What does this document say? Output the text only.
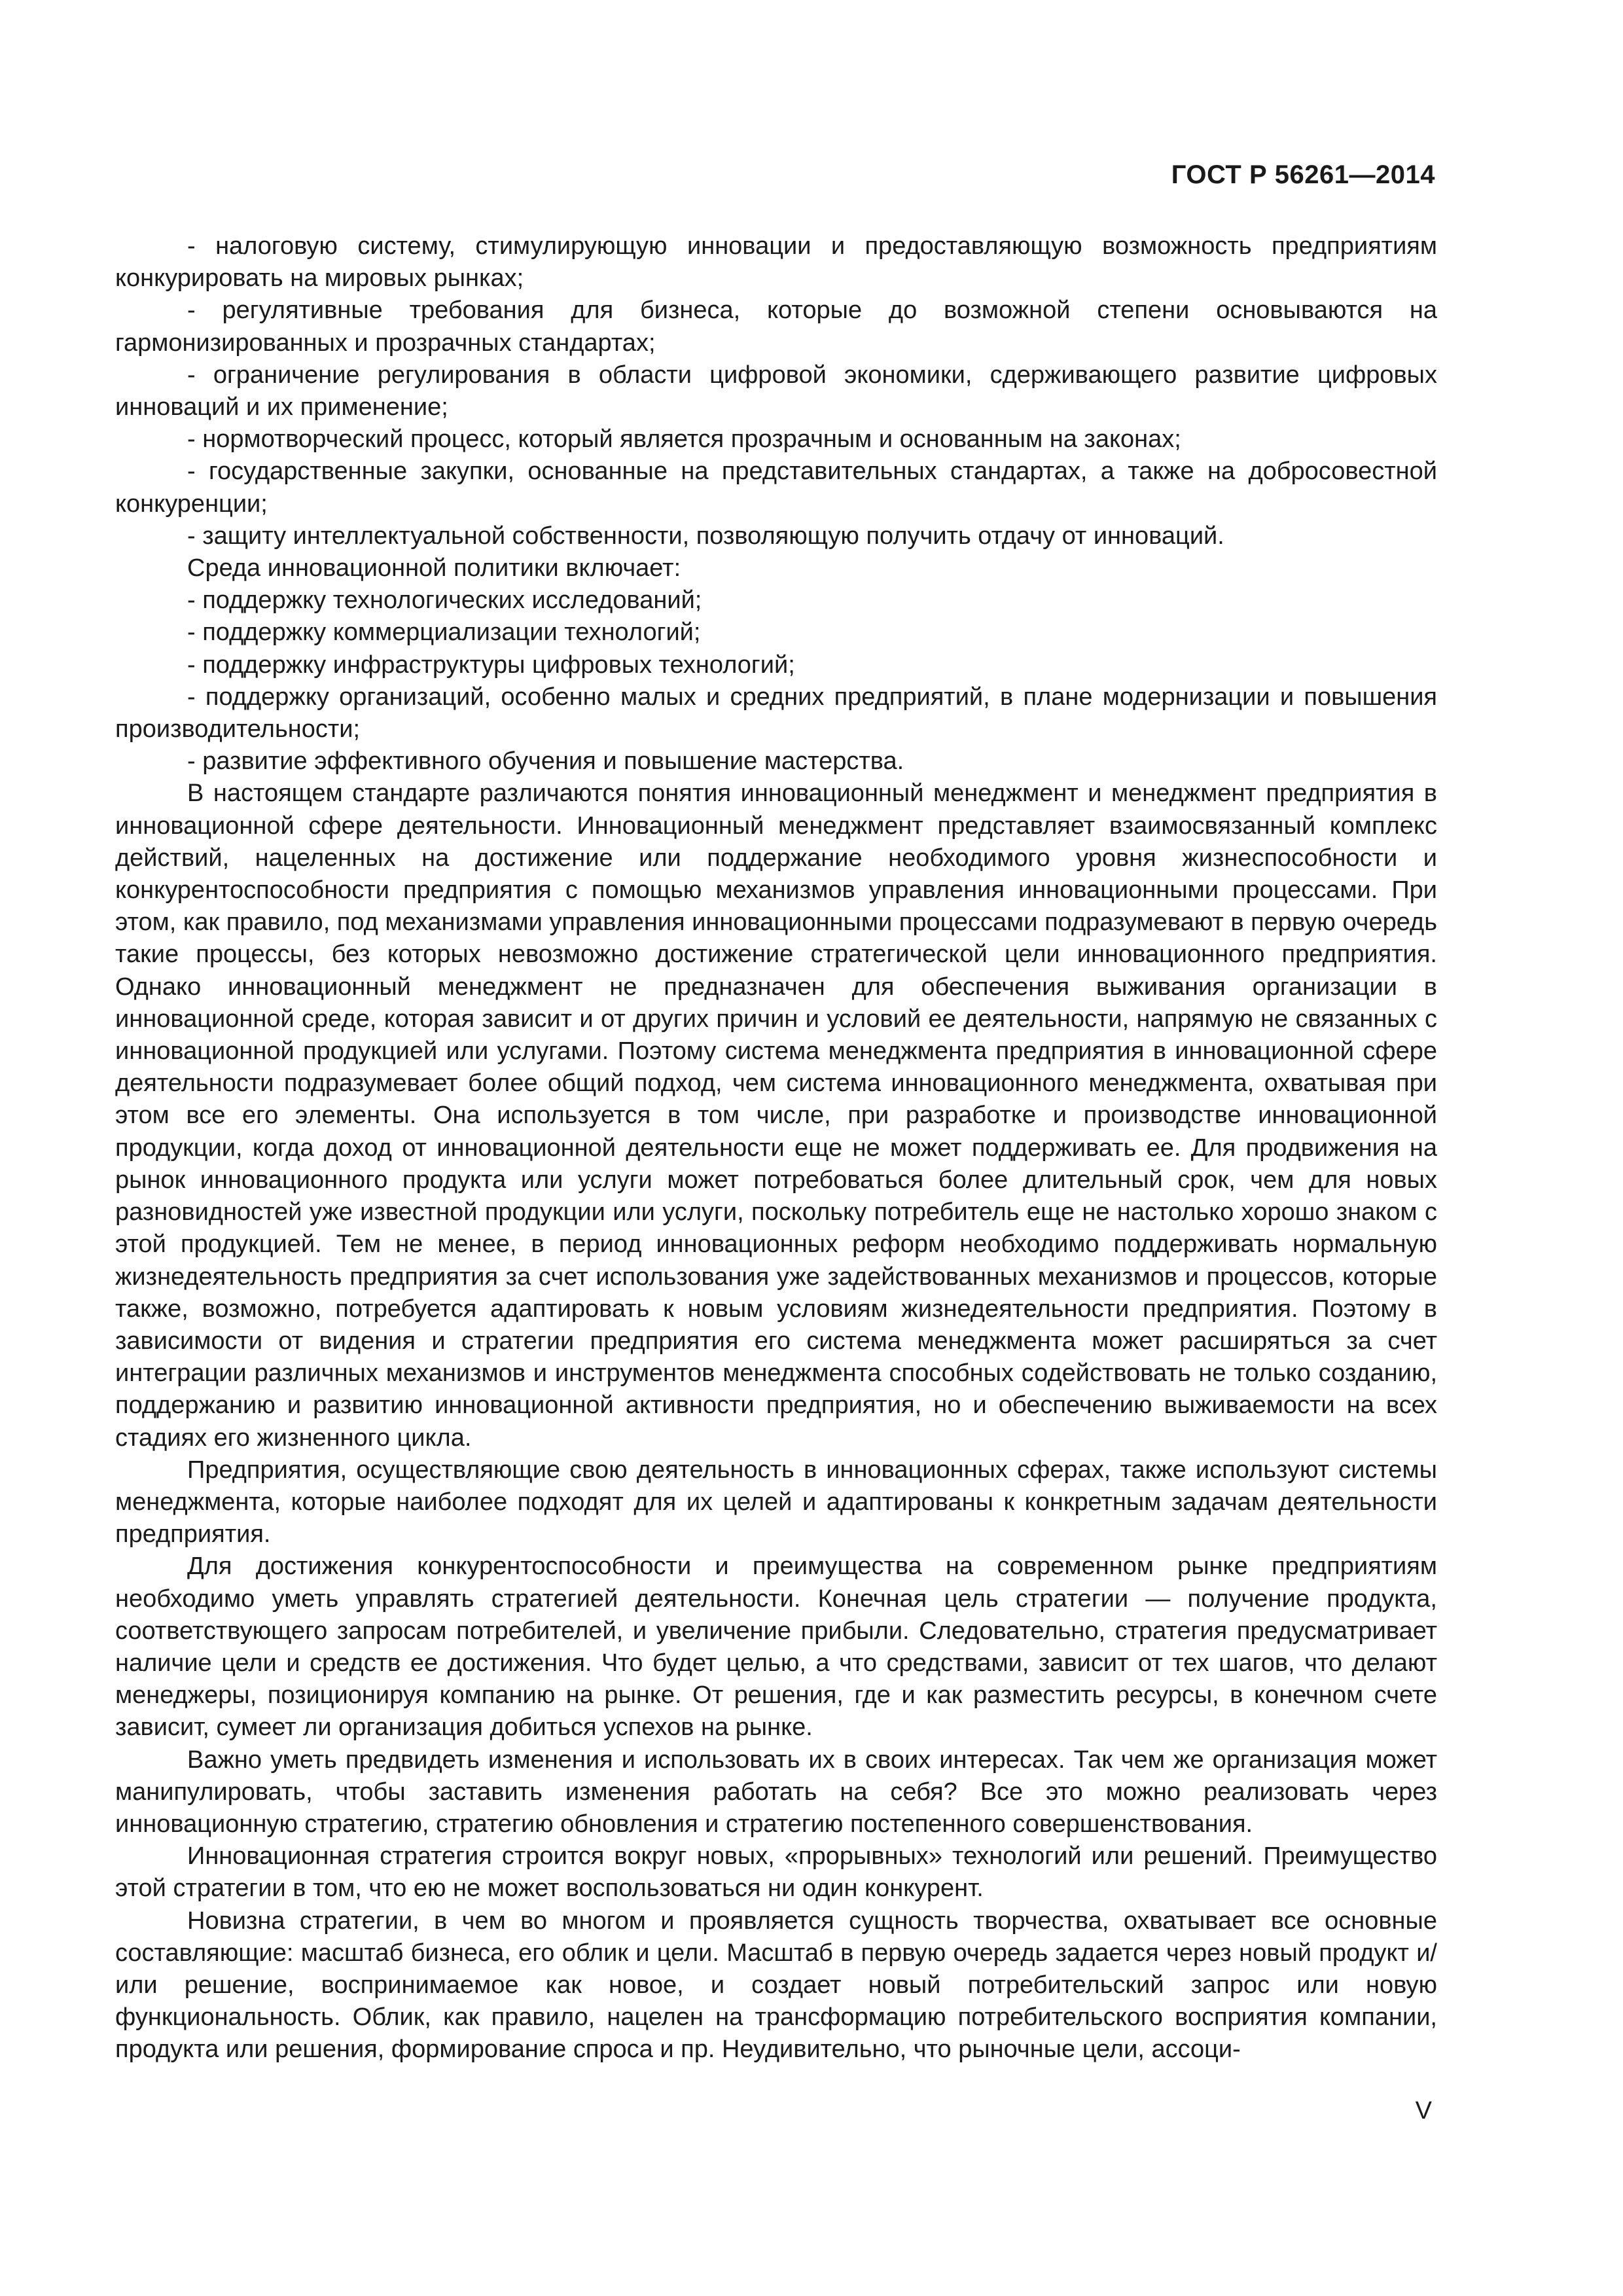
ГОСТ Р 56261—2014

- налоговую систему, стимулирующую инновации и предоставляющую возможность предприятиям конкурировать на мировых рынках;

- регулятивные требования для бизнеса, которые до возможной степени основываются на гармонизированных и прозрачных стандартах;

- ограничение регулирования в области цифровой экономики, сдерживающего развитие цифровых инноваций и их применение;

- нормотворческий процесс, который является прозрачным и основанным на законах;

- государственные закупки, основанные на представительных стандартах, а также на добросовестной конкуренции;

- защиту интеллектуальной собственности, позволяющую получить отдачу от инноваций.

Среда инновационной политики включает:

- поддержку технологических исследований;

- поддержку коммерциализации технологий;

- поддержку инфраструктуры цифровых технологий;

- поддержку организаций, особенно малых и средних предприятий, в плане модернизации и повышения производительности;

- развитие эффективного обучения и повышение мастерства.

В настоящем стандарте различаются понятия инновационный менеджмент и менеджмент предприятия в инновационной сфере деятельности. Инновационный менеджмент представляет взаимосвязанный комплекс действий, нацеленных на достижение или поддержание необходимого уровня жизнеспособности и конкурентоспособности предприятия с помощью механизмов управления инновационными процессами. При этом, как правило, под механизмами управления инновационными процессами подразумевают в первую очередь такие процессы, без которых невозможно достижение стратегической цели инновационного предприятия. Однако инновационный менеджмент не предназначен для обеспечения выживания организации в инновационной среде, которая зависит и от других причин и условий ее деятельности, напрямую не связанных с инновационной продукцией или услугами. Поэтому система менеджмента предприятия в инновационной сфере деятельности подразумевает более общий подход, чем система инновационного менеджмента, охватывая при этом все его элементы. Она используется в том числе, при разработке и производстве инновационной продукции, когда доход от инновационной деятельности еще не может поддерживать ее. Для продвижения на рынок инновационного продукта или услуги может потребоваться более длительный срок, чем для новых разновидностей уже известной продукции или услуги, поскольку потребитель еще не настолько хорошо знаком с этой продукцией. Тем не менее, в период инновационных реформ необходимо поддерживать нормальную жизнедеятельность предприятия за счет использования уже задействованных механизмов и процессов, которые также, возможно, потребуется адаптировать к новым условиям жизнедеятельности предприятия. Поэтому в зависимости от видения и стратегии предприятия его система менеджмента может расширяться за счет интеграции различных механизмов и инструментов менеджмента способных содействовать не только созданию, поддержанию и развитию инновационной активности предприятия, но и обеспечению выживаемости на всех стадиях его жизненного цикла.

Предприятия, осуществляющие свою деятельность в инновационных сферах, также используют системы менеджмента, которые наиболее подходят для их целей и адаптированы к конкретным задачам деятельности предприятия.

Для достижения конкурентоспособности и преимущества на современном рынке предприятиям необходимо уметь управлять стратегией деятельности. Конечная цель стратегии — получение продукта, соответствующего запросам потребителей, и увеличение прибыли. Следовательно, стратегия предусматривает наличие цели и средств ее достижения. Что будет целью, а что средствами, зависит от тех шагов, что делают менеджеры, позиционируя компанию на рынке. От решения, где и как разместить ресурсы, в конечном счете зависит, сумеет ли организация добиться успехов на рынке.

Важно уметь предвидеть изменения и использовать их в своих интересах. Так чем же организация может манипулировать, чтобы заставить изменения работать на себя? Все это можно реализовать через инновационную стратегию, стратегию обновления и стратегию постепенного совершенствования.

Инновационная стратегия строится вокруг новых, «прорывных» технологий или решений. Преимущество этой стратегии в том, что ею не может воспользоваться ни один конкурент.

Новизна стратегии, в чем во многом и проявляется сущность творчества, охватывает все основные составляющие: масштаб бизнеса, его облик и цели. Масштаб в первую очередь задается через новый продукт и/или решение, воспринимаемое как новое, и создает новый потребительский запрос или новую функциональность. Облик, как правило, нацелен на трансформацию потребительского восприятия компании, продукта или решения, формирование спроса и пр. Неудивительно, что рыночные цели, ассоци-

V
